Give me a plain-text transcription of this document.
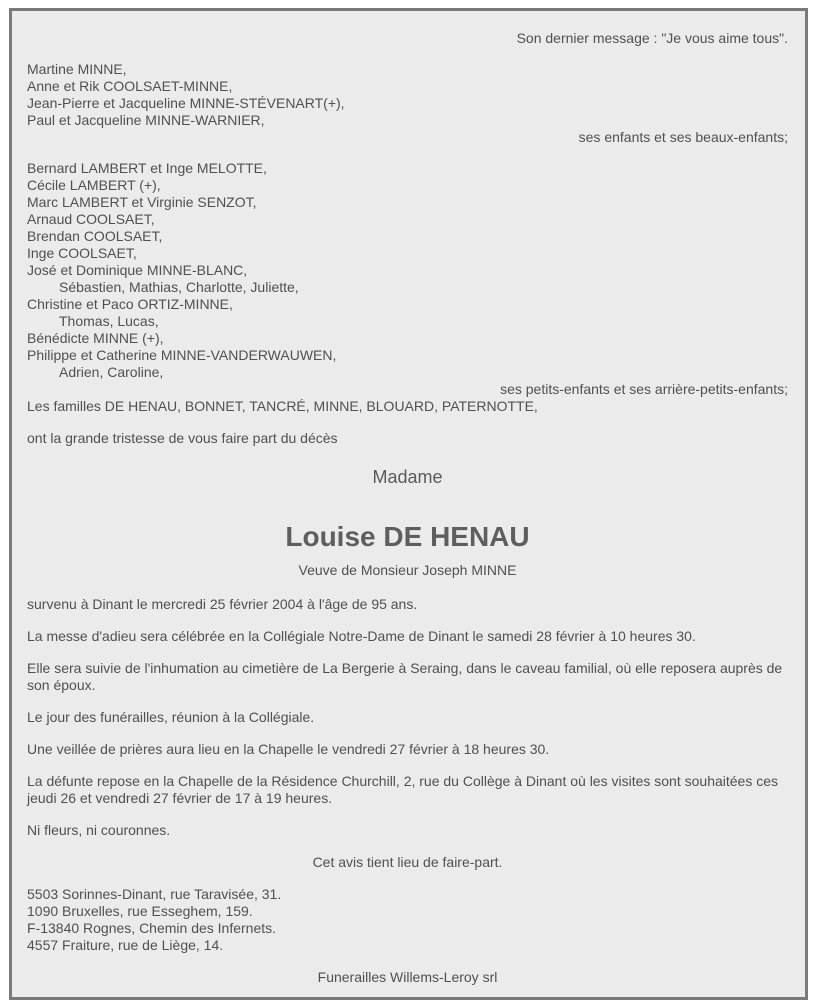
Son dernier message : "Je vous aime tous".
Martine MINNE,
Anne et Rik COOLSAET-MINNE,
Jean-Pierre et Jacqueline MINNE-STÉVENART(+),
Paul et Jacqueline MINNE-WARNIER,
ses enfants et ses beaux-enfants;
Bernard LAMBERT et Inge MELOTTE,
Cécile LAMBERT (+),
Marc LAMBERT et Virginie SENZOT,
Arnaud COOLSAET,
Brendan COOLSAET,
Inge COOLSAET,
José et Dominique MINNE-BLANC,
Sébastien, Mathias, Charlotte, Juliette,
Christine et Paco ORTIZ-MINNE,
Thomas, Lucas,
Bénédicte MINNE (+),
Philippe et Catherine MINNE-VANDERWAUWEN,
Adrien, Caroline,
ses petits-enfants et ses arrière-petits-enfants;
Les familles DE HENAU, BONNET, TANCRÉ, MINNE, BLOUARD, PATERNOTTE,
ont la grande tristesse de vous faire part du décès
Madame
Louise DE HENAU
Veuve de Monsieur Joseph MINNE
survenu à Dinant le mercredi 25 février 2004 à l'âge de 95 ans.
La messe d'adieu sera célébrée en la Collégiale Notre-Dame de Dinant le samedi 28 février à 10 heures 30.
Elle sera suivie de l'inhumation au cimetière de La Bergerie à Seraing, dans le caveau familial, où elle reposera auprès de son époux.
Le jour des funérailles, réunion à la Collégiale.
Une veillée de prières aura lieu en la Chapelle le vendredi 27 février à 18 heures 30.
La défunte repose en la Chapelle de la Résidence Churchill, 2, rue du Collège à Dinant où les visites sont souhaitées ces jeudi 26 et vendredi 27 février de 17 à 19 heures.
Ni fleurs, ni couronnes.
Cet avis tient lieu de faire-part.
5503 Sorinnes-Dinant, rue Taravisée, 31.
1090 Bruxelles, rue Esseghem, 159.
F-13840 Rognes, Chemin des Infernets.
4557 Fraiture, rue de Liège, 14.
Funerailles Willems-Leroy srl
